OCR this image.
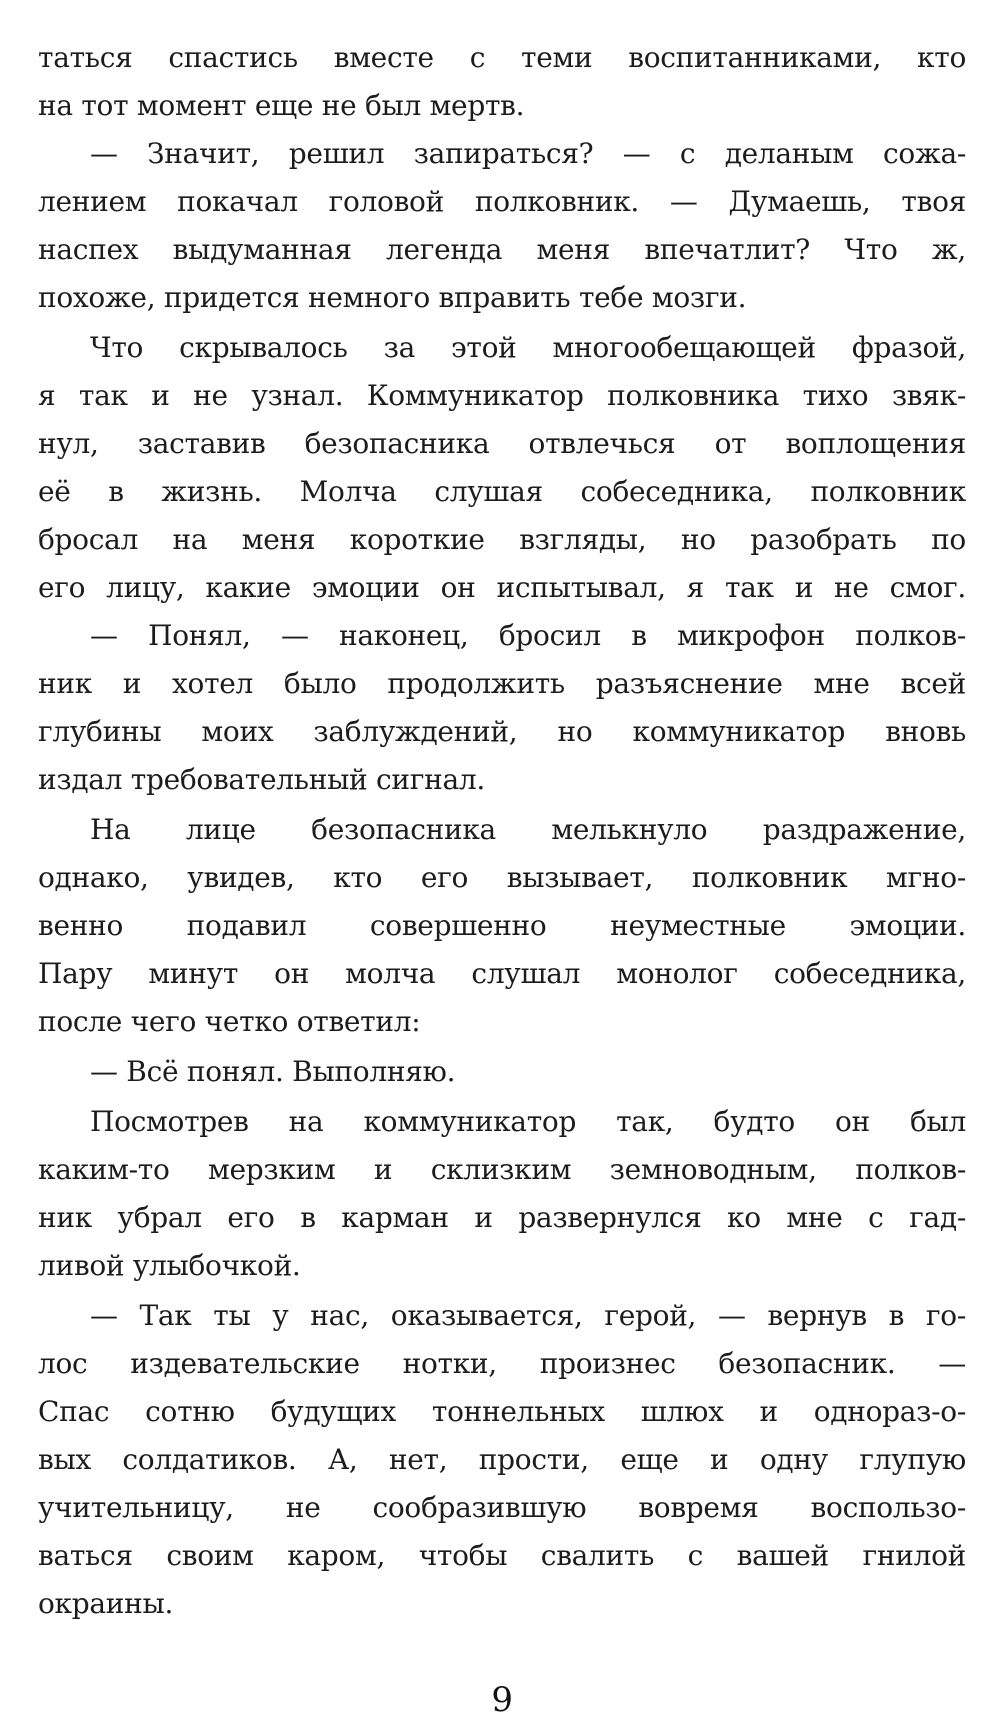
таться спастись вместе с теми воспитанниками, кто
на тот момент еще не был мертв.
— Значит, решил запираться? — с деланым сожа-
лением покачал головой полковник. — Думаешь, твоя
наспех выдуманная легенда меня впечатлит? Что ж,
похоже, придется немного вправить тебе мозги.
Что скрывалось за этой многообещающей фразой,
я так и не узнал. Коммуникатор полковника тихо звяк-
нул, заставив безопасника отвлечься от воплощения
её в жизнь. Молча слушая собеседника, полковник
бросал на меня короткие взгляды, но разобрать по
его лицу, какие эмоции он испытывал, я так и не смог.
— Понял, — наконец, бросил в микрофон полков-
ник и хотел было продолжить разъяснение мне всей
глубины моих заблуждений, но коммуникатор вновь
издал требовательный сигнал.
На лице безопасника мелькнуло раздражение,
однако, увидев, кто его вызывает, полковник мгно-
венно подавил совершенно неуместные эмоции.
Пару минут он молча слушал монолог собеседника,
после чего четко ответил:
— Всё понял. Выполняю.
Посмотрев на коммуникатор так, будто он был
каким-то мерзким и склизким земноводным, полков-
ник убрал его в карман и развернулся ко мне с гад-
ливой улыбочкой.
— Так ты у нас, оказывается, герой, — вернув в го-
лос издевательские нотки, произнес безопасник. —
Спас сотню будущих тоннельных шлюх и однораз-о-
вых солдатиков. А, нет, прости, еще и одну глупую
учительницу, не сообразившую вовремя воспользо-
ваться своим каром, чтобы свалить с вашей гнилой
окраины.
9
